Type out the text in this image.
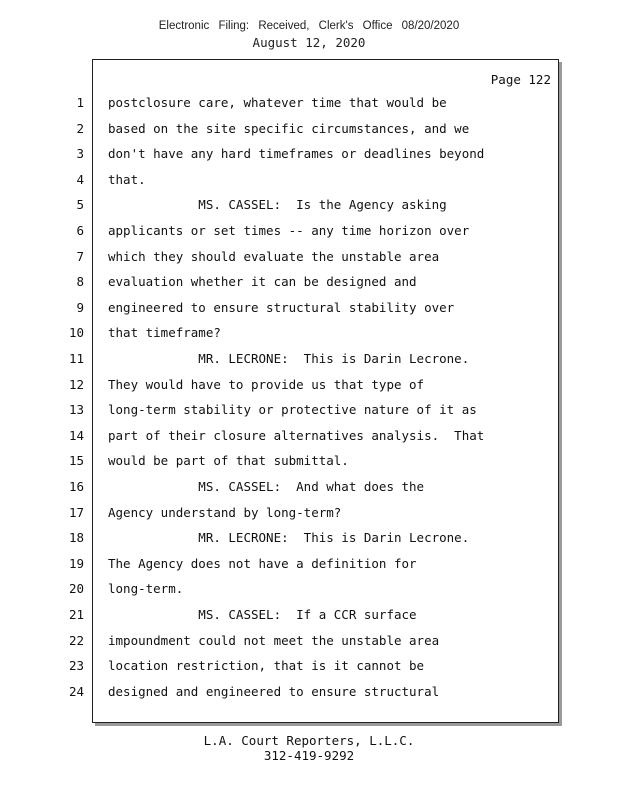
Electronic Filing: Received, Clerk's Office 08/20/2020
August 12, 2020
Page 122
1 postclosure care, whatever time that would be
2 based on the site specific circumstances, and we
3 don't have any hard timeframes or deadlines beyond
4 that.
5 MS. CASSEL:  Is the Agency asking
6 applicants or set times -- any time horizon over
7 which they should evaluate the unstable area
8 evaluation whether it can be designed and
9 engineered to ensure structural stability over
10 that timeframe?
11 MR. LECRONE:  This is Darin Lecrone.
12 They would have to provide us that type of
13 long-term stability or protective nature of it as
14 part of their closure alternatives analysis.  That
15 would be part of that submittal.
16 MS. CASSEL:  And what does the
17 Agency understand by long-term?
18 MR. LECRONE:  This is Darin Lecrone.
19 The Agency does not have a definition for
20 long-term.
21 MS. CASSEL:  If a CCR surface
22 impoundment could not meet the unstable area
23 location restriction, that is it cannot be
24 designed and engineered to ensure structural
L.A. Court Reporters, L.L.C.
312-419-9292
